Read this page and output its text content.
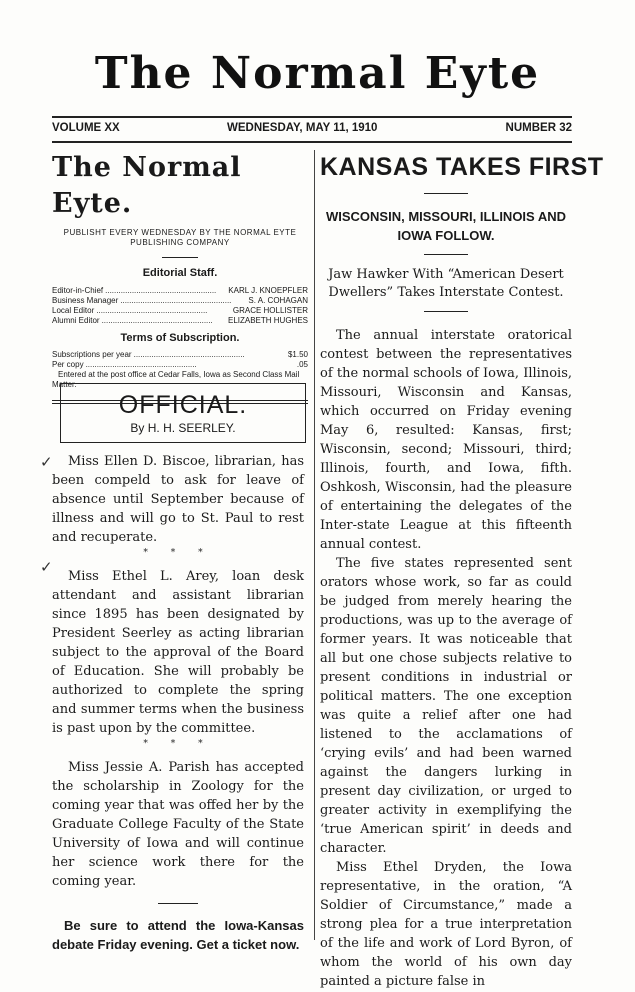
The Normal Eyte
VOLUME XX	WEDNESDAY, MAY 11, 1910	NUMBER 32
The Normal Eyte.
PUBLISHT EVERY WEDNESDAY BY THE NORMAL EYTE PUBLISHING COMPANY
Editorial Staff.
Editor-in-Chief ..................................................	KARL J. KNOEPFLER
Business Manager ..................................................	S. A. COHAGAN
Local Editor ..................................................	GRACE HOLLISTER
Alumni Editor ..................................................	ELIZABETH HUGHES
Terms of Subscription.
Subscriptions per year ..................................................	$1.50
Per copy ..................................................	.05
Entered at the post office at Cedar Falls, Iowa as Second Class Mail Matter.
OFFICIAL.
By H. H. SEERLEY.
✓
✓
Miss Ellen D. Biscoe, librarian, has been compeld to ask for leave of absence until September because of illness and will go to St. Paul to rest and recuperate.
* * *
Miss Ethel L. Arey, loan desk attendant and assistant librarian since 1895 has been designated by President Seerley as acting librarian subject to the approval of the Board of Education. She will probably be authorized to complete the spring and summer terms when the business is past upon by the committee.
* * *
Miss Jessie A. Parish has accepted the scholarship in Zoology for the coming year that was offed her by the Graduate College Faculty of the State University of Iowa and will continue her science work there for the coming year.
Be sure to attend the Iowa-Kansas debate Friday evening. Get a ticket now.
KANSAS TAKES FIRST
WISCONSIN, MISSOURI, ILLINOIS AND IOWA FOLLOW.
Jaw Hawker With “American Desert Dwellers” Takes Interstate Contest.
The annual interstate oratorical contest between the representatives of the normal schools of Iowa, Illinois, Missouri, Wisconsin and Kansas, which occurred on Friday evening May 6, resulted: Kansas, first; Wisconsin, second; Missouri, third; Illinois, fourth, and Iowa, fifth. Oshkosh, Wisconsin, had the pleasure of entertaining the delegates of the Inter-state League at this fifteenth annual contest.
The five states represented sent orators whose work, so far as could be judged from merely hearing the productions, was up to the average of former years. It was noticeable that all but one chose subjects relative to present conditions in industrial or political matters. The one exception was quite a relief after one had listened to the acclamations of ‘crying evils’ and had been warned against the dangers lurking in present day civilization, or urged to greater activity in exemplifying the ‘true American spirit’ in deeds and character.
Miss Ethel Dryden, the Iowa representative, in the oration, “A Soldier of Circumstance,” made a strong plea for a true interpretation of the life and work of Lord Byron, of whom the world of his own day painted a picture false in
